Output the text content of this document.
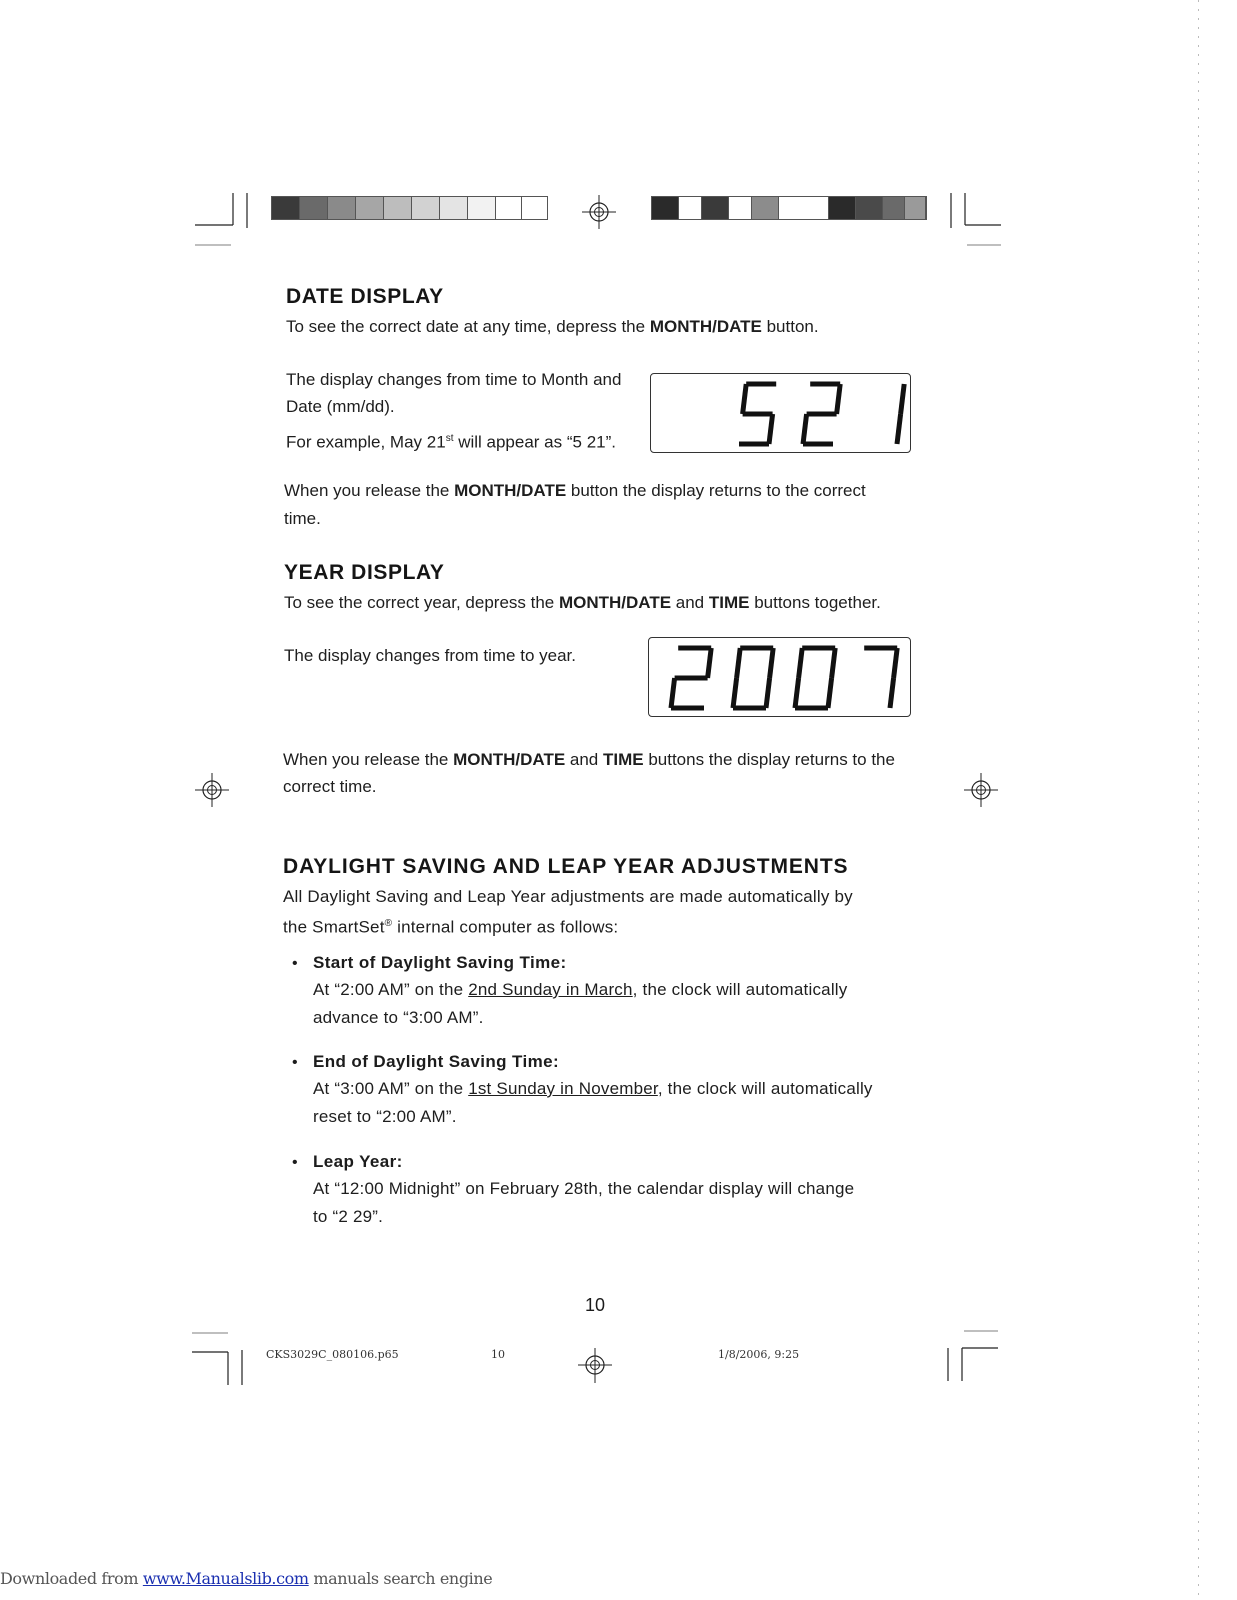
DATE DISPLAY
To see the correct date at any time, depress the MONTH/DATE button.
The display changes from time to Month and
Date (mm/dd).
For example, May 21st will appear as “5 21”.
When you release the MONTH/DATE button the display returns to the correct
time.
YEAR DISPLAY
To see the correct year, depress the MONTH/DATE and TIME buttons together.
The display changes from time to year.
When you release the MONTH/DATE and TIME buttons the display returns to the
correct time.
DAYLIGHT SAVING AND LEAP YEAR ADJUSTMENTS
All Daylight Saving and Leap Year adjustments are made automatically by
the SmartSet® internal computer as follows:
• Start of Daylight Saving Time:
At “2:00 AM” on the 2nd Sunday in March, the clock will automatically
advance to “3:00 AM”.
• End of Daylight Saving Time:
At “3:00 AM” on the 1st Sunday in November, the clock will automatically
reset to “2:00 AM”.
• Leap Year:
At “12:00 Midnight” on February 28th, the calendar display will change
to “2 29”.
10
CKS3029C_080106.p65	10	1/8/2006, 9:25
Downloaded from www.Manualslib.com manuals search engine
